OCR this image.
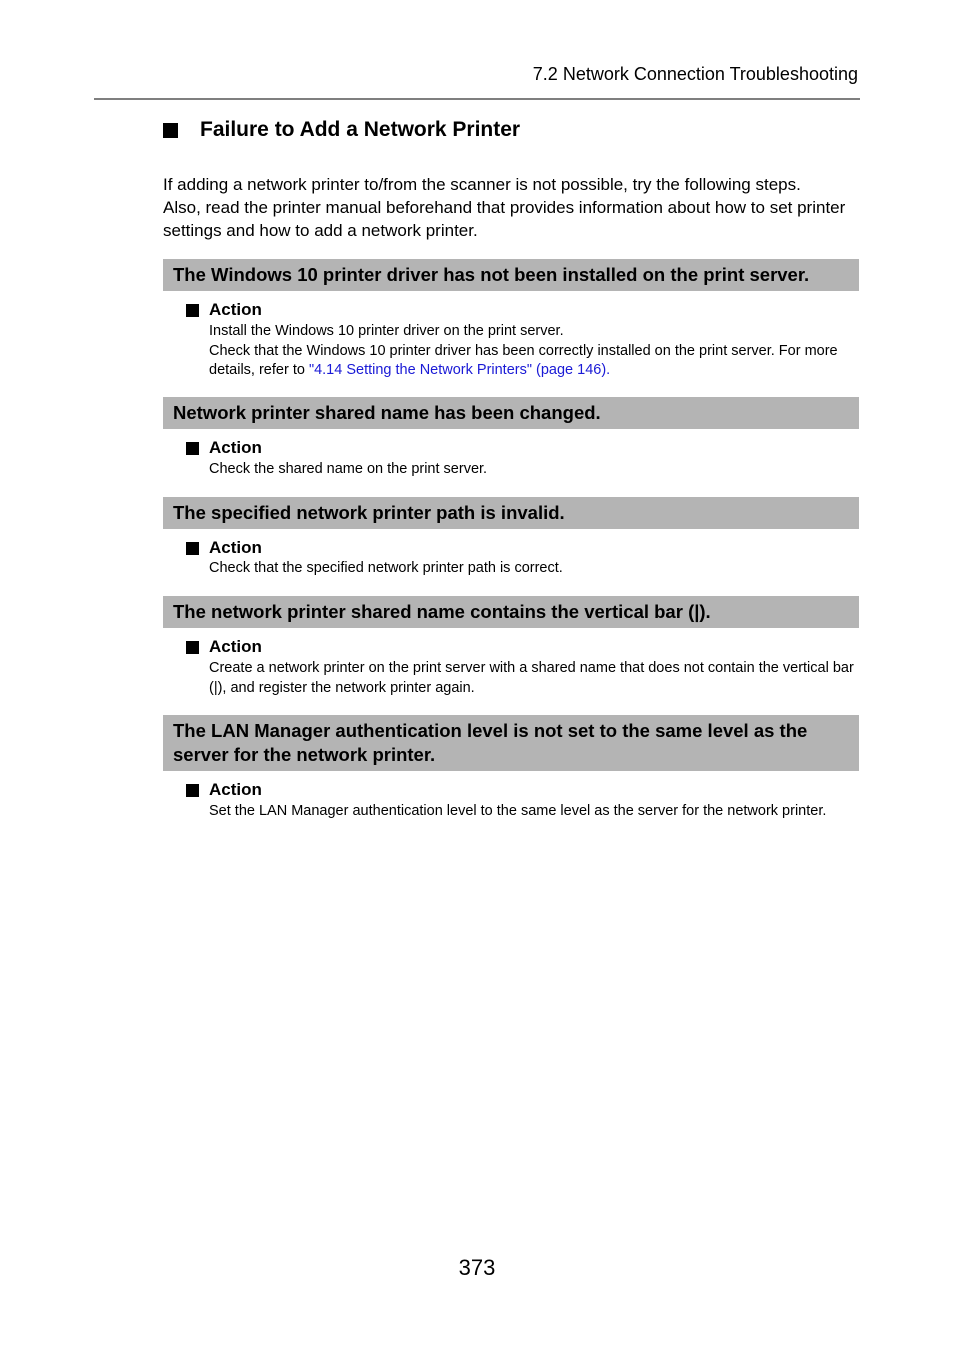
7.2 Network Connection Troubleshooting
Failure to Add a Network Printer

If adding a network printer to/from the scanner is not possible, try the following steps.

Also, read the printer manual beforehand that provides information about how to set printer settings and how to add a network printer.

The Windows 10 printer driver has not been installed on the print server.
Action

Install the Windows 10 printer driver on the print server.

Check that the Windows 10 printer driver has been correctly installed on the print server. For more details, refer to "4.14 Setting the Network Printers" (page 146).

Network printer shared name has been changed.
Action

Check the shared name on the print server.

The specified network printer path is invalid.
Action

Check that the specified network printer path is correct.

The network printer shared name contains the vertical bar (|).
Action

Create a network printer on the print server with a shared name that does not contain the vertical bar (|), and register the network printer again.

The LAN Manager authentication level is not set to the same level as the server for the network printer.
Action

Set the LAN Manager authentication level to the same level as the server for the network printer.

373
